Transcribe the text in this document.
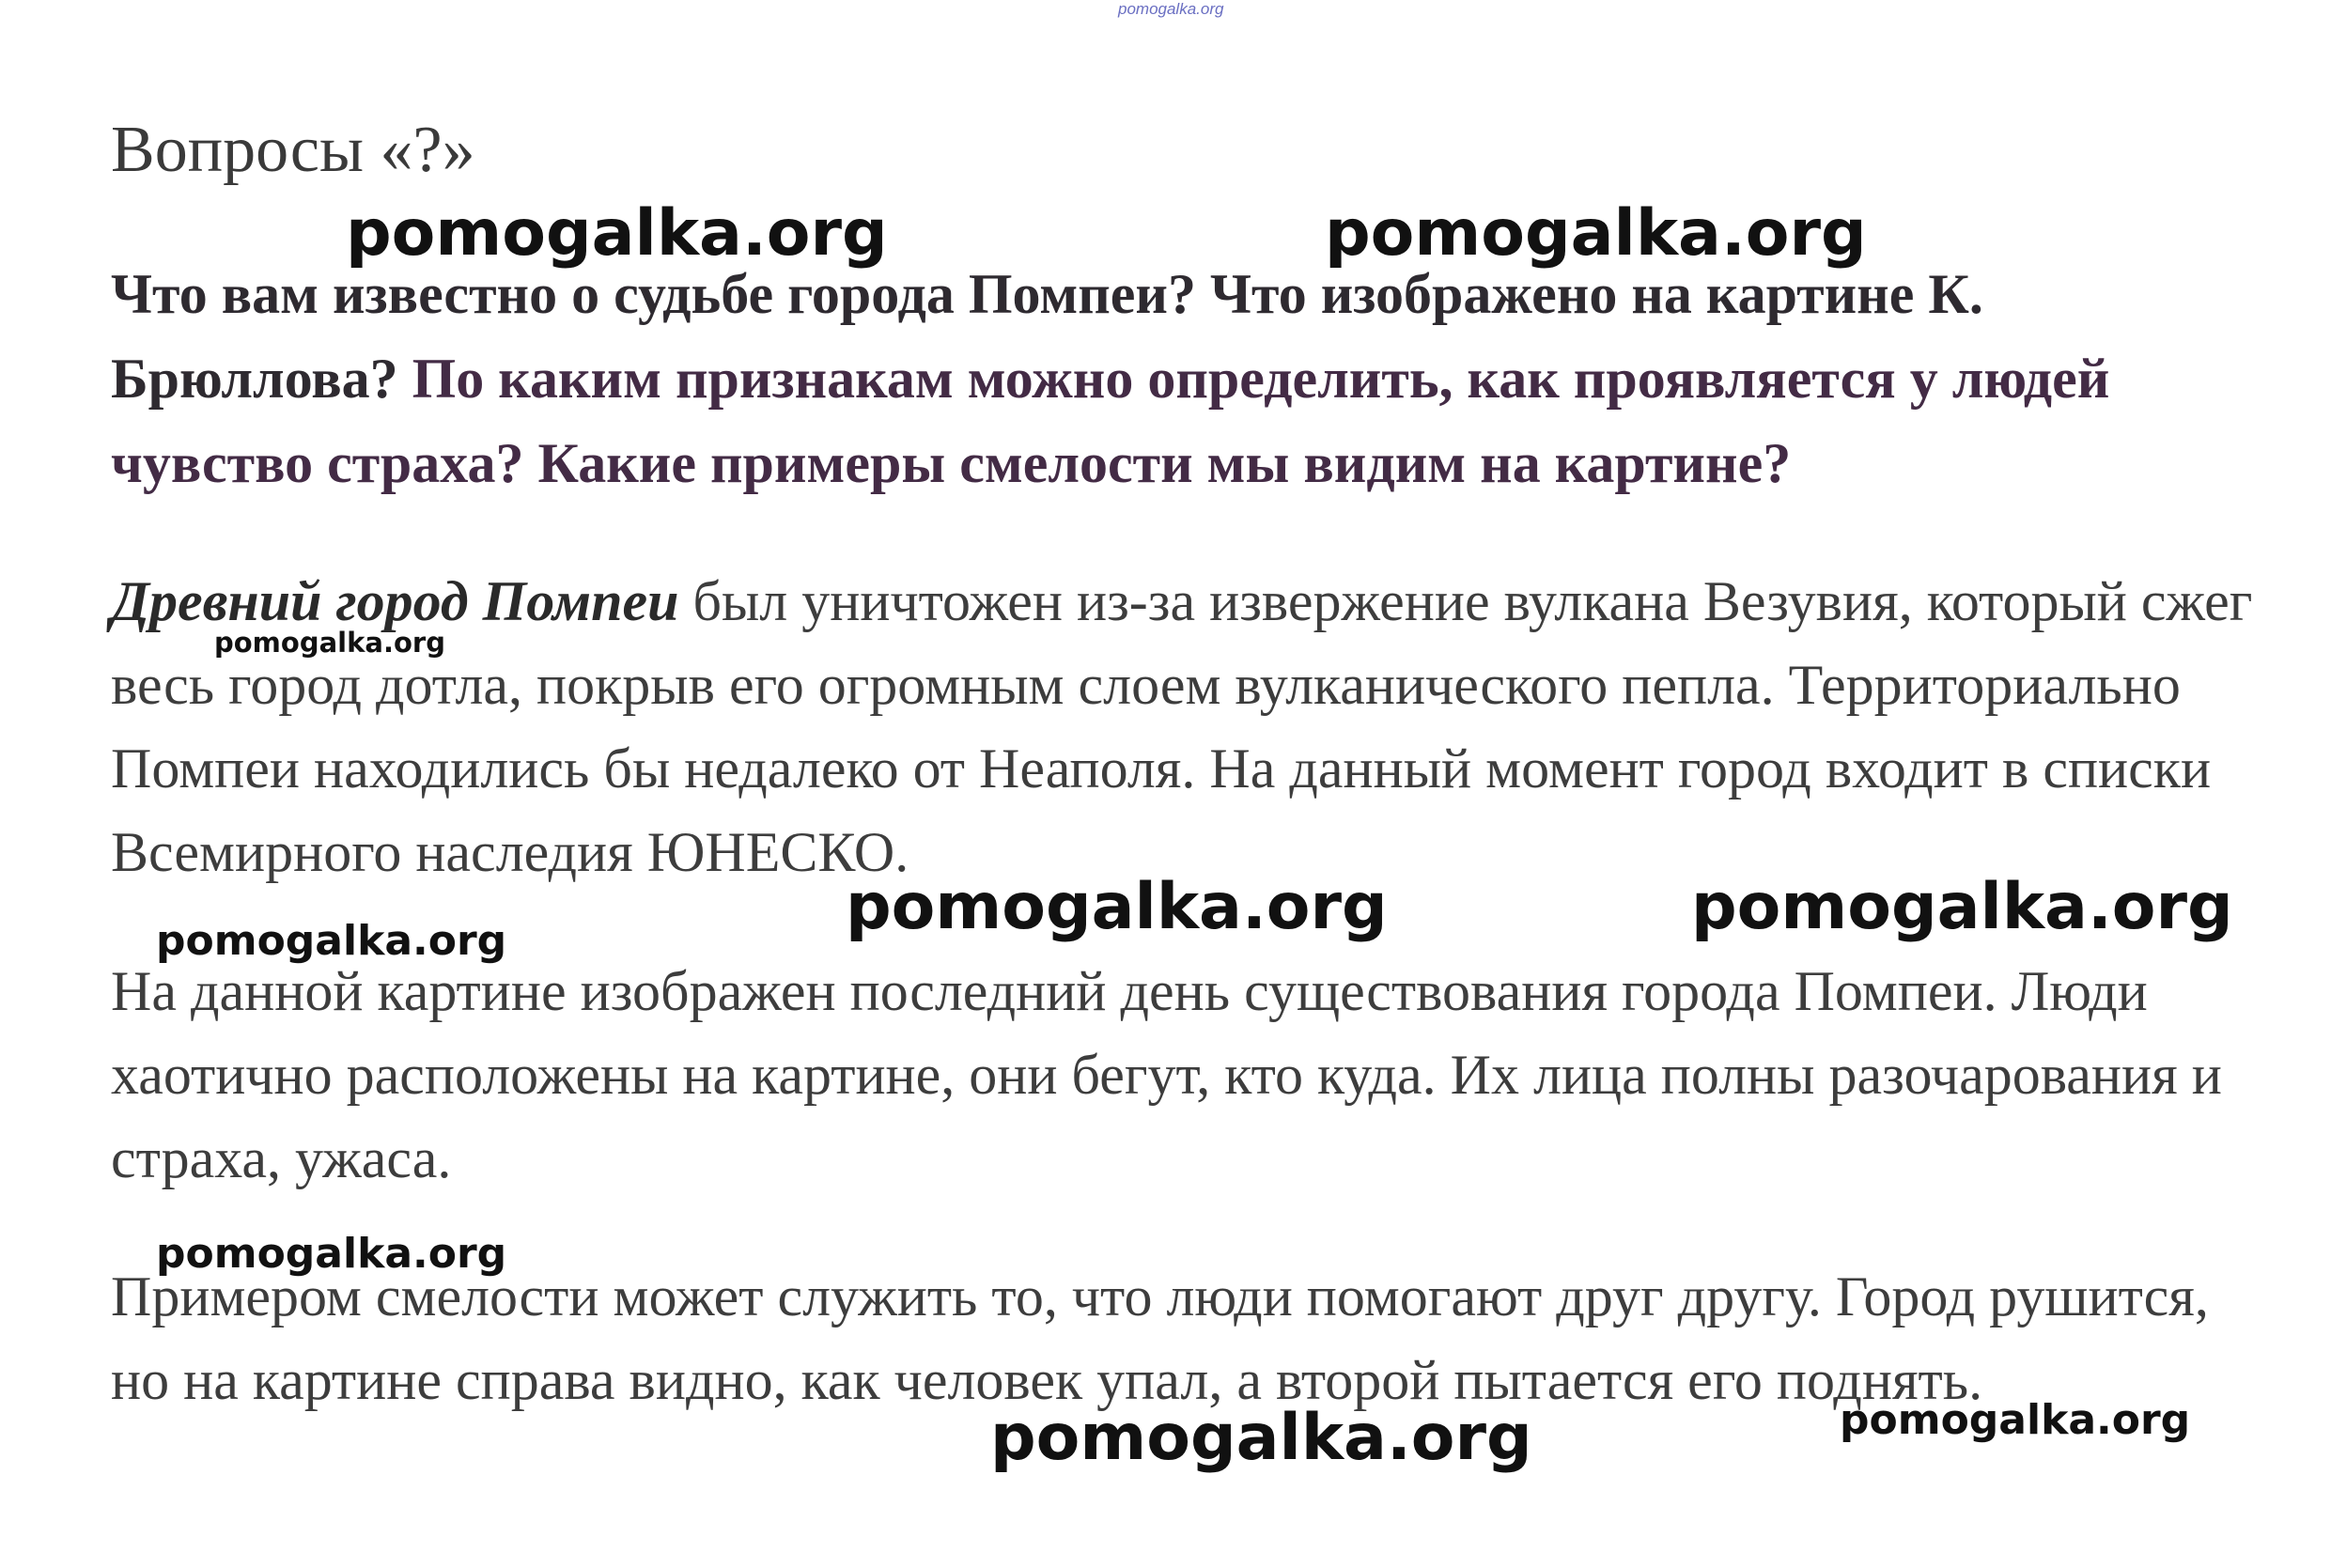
pomogalka.org
Вопросы «?»

Что вам известно о судьбе города Помпеи? Что изображено на картине К. Брюллова? По каким признакам можно определить, как проявляется у людей чувство страха? Какие примеры смелости мы видим на картине?

Древний город Помпеи был уничтожен из-за извержение вулкана Везувия, который сжег весь город дотла, покрыв его огромным слоем вулканического пепла. Территориально Помпеи находились бы недалеко от Неаполя. На данный момент город входит в списки Всемирного наследия ЮНЕСКО.

На данной картине изображен последний день существования города Помпеи. Люди хаотично расположены на картине, они бегут, кто куда. Их лица полны разочарования и страха, ужаса.

Примером смелости может служить то, что люди помогают друг другу. Город рушится, но на картине справа видно, как человек упал, а второй пытается его поднять.

pomogalka.org	pomogalka.org
pomogalka.org
pomogalka.org	pomogalka.org
pomogalka.org
pomogalka.org
pomogalka.org
pomogalka.org
